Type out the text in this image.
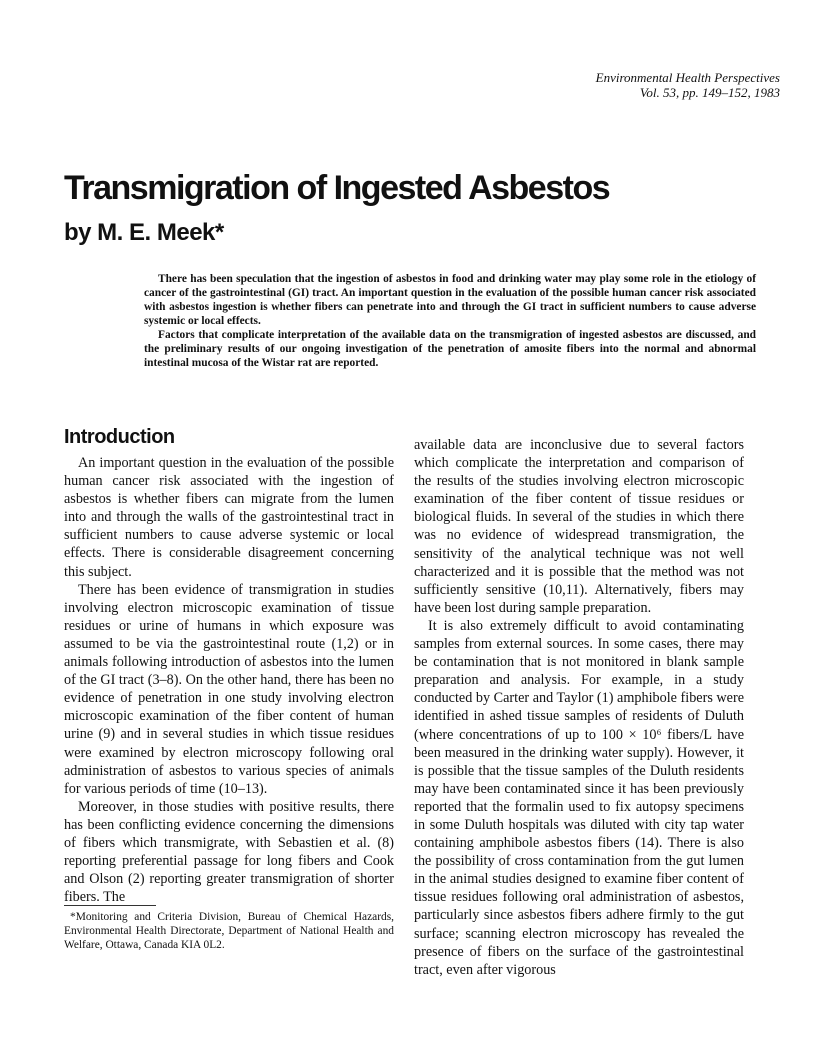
Environmental Health Perspectives
Vol. 53, pp. 149–152, 1983
Transmigration of Ingested Asbestos
by M. E. Meek*

There has been speculation that the ingestion of asbestos in food and drinking water may play some role in the etiology of cancer of the gastrointestinal (GI) tract. An important question in the evaluation of the possible human cancer risk associated with asbestos ingestion is whether fibers can penetrate into and through the GI tract in sufficient numbers to cause adverse systemic or local effects.

Factors that complicate interpretation of the available data on the transmigration of ingested asbestos are discussed, and the preliminary results of our ongoing investigation of the penetration of amosite fibers into the normal and abnormal intestinal mucosa of the Wistar rat are reported.

Introduction

An important question in the evaluation of the possible human cancer risk associated with the ingestion of asbestos is whether fibers can migrate from the lumen into and through the walls of the gastrointestinal tract in sufficient numbers to cause adverse systemic or local effects. There is considerable disagreement concerning this subject.

There has been evidence of transmigration in studies involving electron microscopic examination of tissue residues or urine of humans in which exposure was assumed to be via the gastrointestinal route (1,2) or in animals following introduction of asbestos into the lumen of the GI tract (3–8). On the other hand, there has been no evidence of penetration in one study involving electron microscopic examination of the fiber content of human urine (9) and in several studies in which tissue residues were examined by electron microscopy following oral administration of asbestos to various species of animals for various periods of time (10–13).

Moreover, in those studies with positive results, there has been conflicting evidence concerning the dimensions of fibers which transmigrate, with Sebastien et al. (8) reporting preferential passage for long fibers and Cook and Olson (2) reporting greater transmigration of shorter fibers. The

available data are inconclusive due to several factors which complicate the interpretation and comparison of the results of the studies involving electron microscopic examination of the fiber content of tissue residues or biological fluids. In several of the studies in which there was no evidence of widespread transmigration, the sensitivity of the analytical technique was not well characterized and it is possible that the method was not sufficiently sensitive (10,11). Alternatively, fibers may have been lost during sample preparation.

It is also extremely difficult to avoid contaminating samples from external sources. In some cases, there may be contamination that is not monitored in blank sample preparation and analysis. For example, in a study conducted by Carter and Taylor (1) amphibole fibers were identified in ashed tissue samples of residents of Duluth (where concentrations of up to 100 × 10⁶ fibers/L have been measured in the drinking water supply). However, it is possible that the tissue samples of the Duluth residents may have been contaminated since it has been previously reported that the formalin used to fix autopsy specimens in some Duluth hospitals was diluted with city tap water containing amphibole asbestos fibers (14). There is also the possibility of cross contamination from the gut lumen in the animal studies designed to examine fiber content of tissue residues following oral administration of asbestos, particularly since asbestos fibers adhere firmly to the gut surface; scanning electron microscopy has revealed the presence of fibers on the surface of the gastrointestinal tract, even after vigorous

*Monitoring and Criteria Division, Bureau of Chemical Hazards, Environmental Health Directorate, Department of National Health and Welfare, Ottawa, Canada KIA 0L2.
